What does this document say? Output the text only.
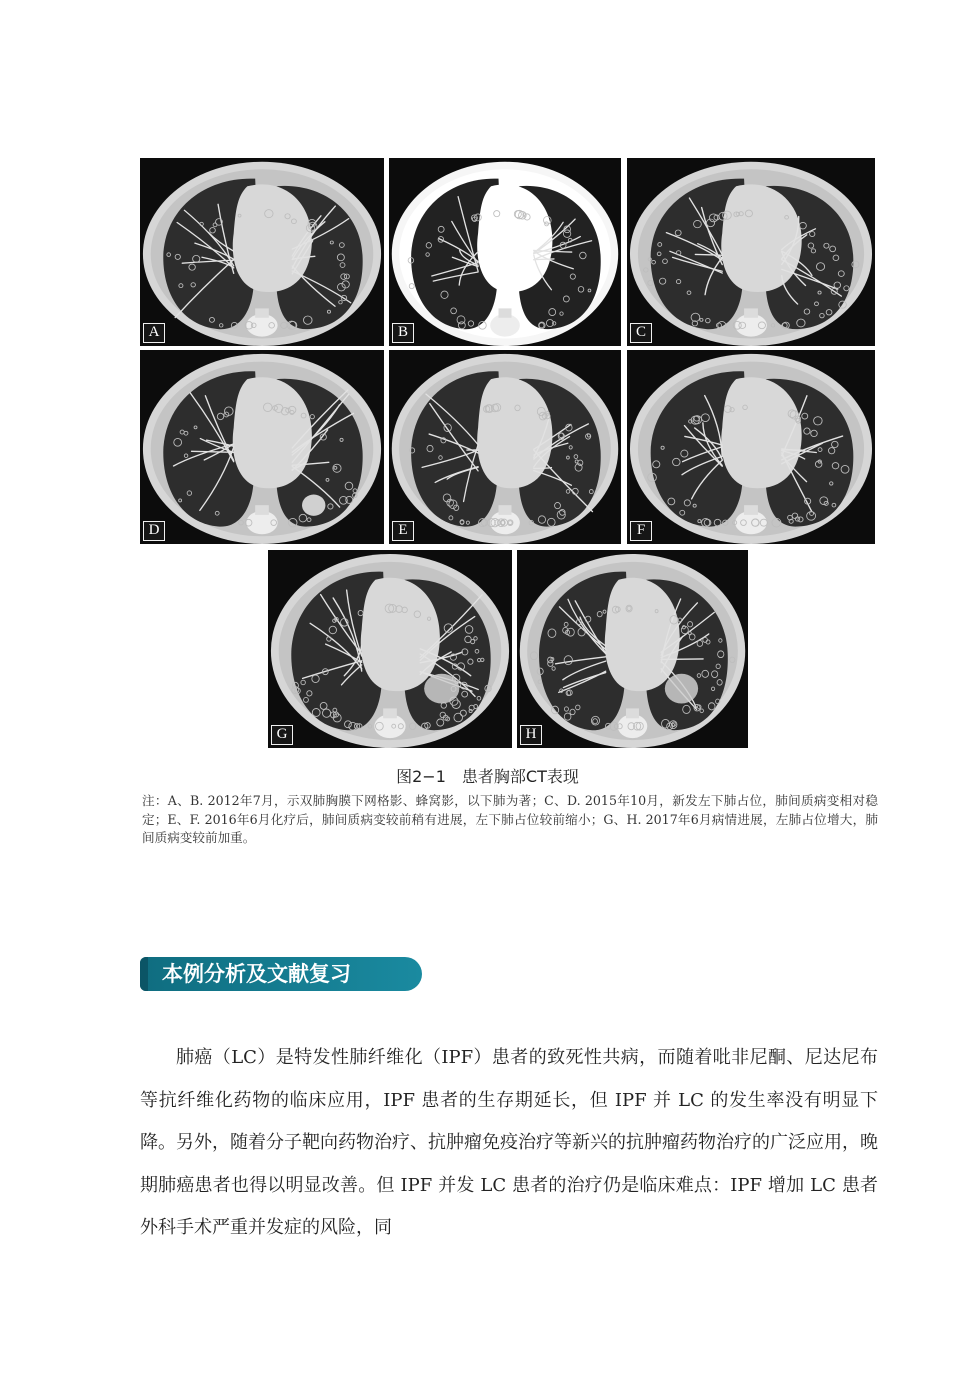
A	B	C
D	E	F
G	H
图2−1 患者胸部CT表现
注：A、B. 2012年7月，示双肺胸膜下网格影、蜂窝影，以下肺为著；C、D. 2015年10月，新发左下肺占位，肺间质病变相对稳定；E、F. 2016年6月化疗后，肺间质病变较前稍有进展，左下肺占位较前缩小；G、H. 2017年6月病情进展，左肺占位增大，肺间质病变较前加重。
本例分析及文献复习

肺癌（LC）是特发性肺纤维化（IPF）患者的致死性共病，而随着吡非尼酮、尼达尼布等抗纤维化药物的临床应用，IPF 患者的生存期延长，但 IPF 并 LC 的发生率没有明显下降。另外，随着分子靶向药物治疗、抗肿瘤免疫治疗等新兴的抗肿瘤药物治疗的广泛应用，晚期肺癌患者也得以明显改善。但 IPF 并发 LC 患者的治疗仍是临床难点：IPF 增加 LC 患者外科手术严重并发症的风险，同
